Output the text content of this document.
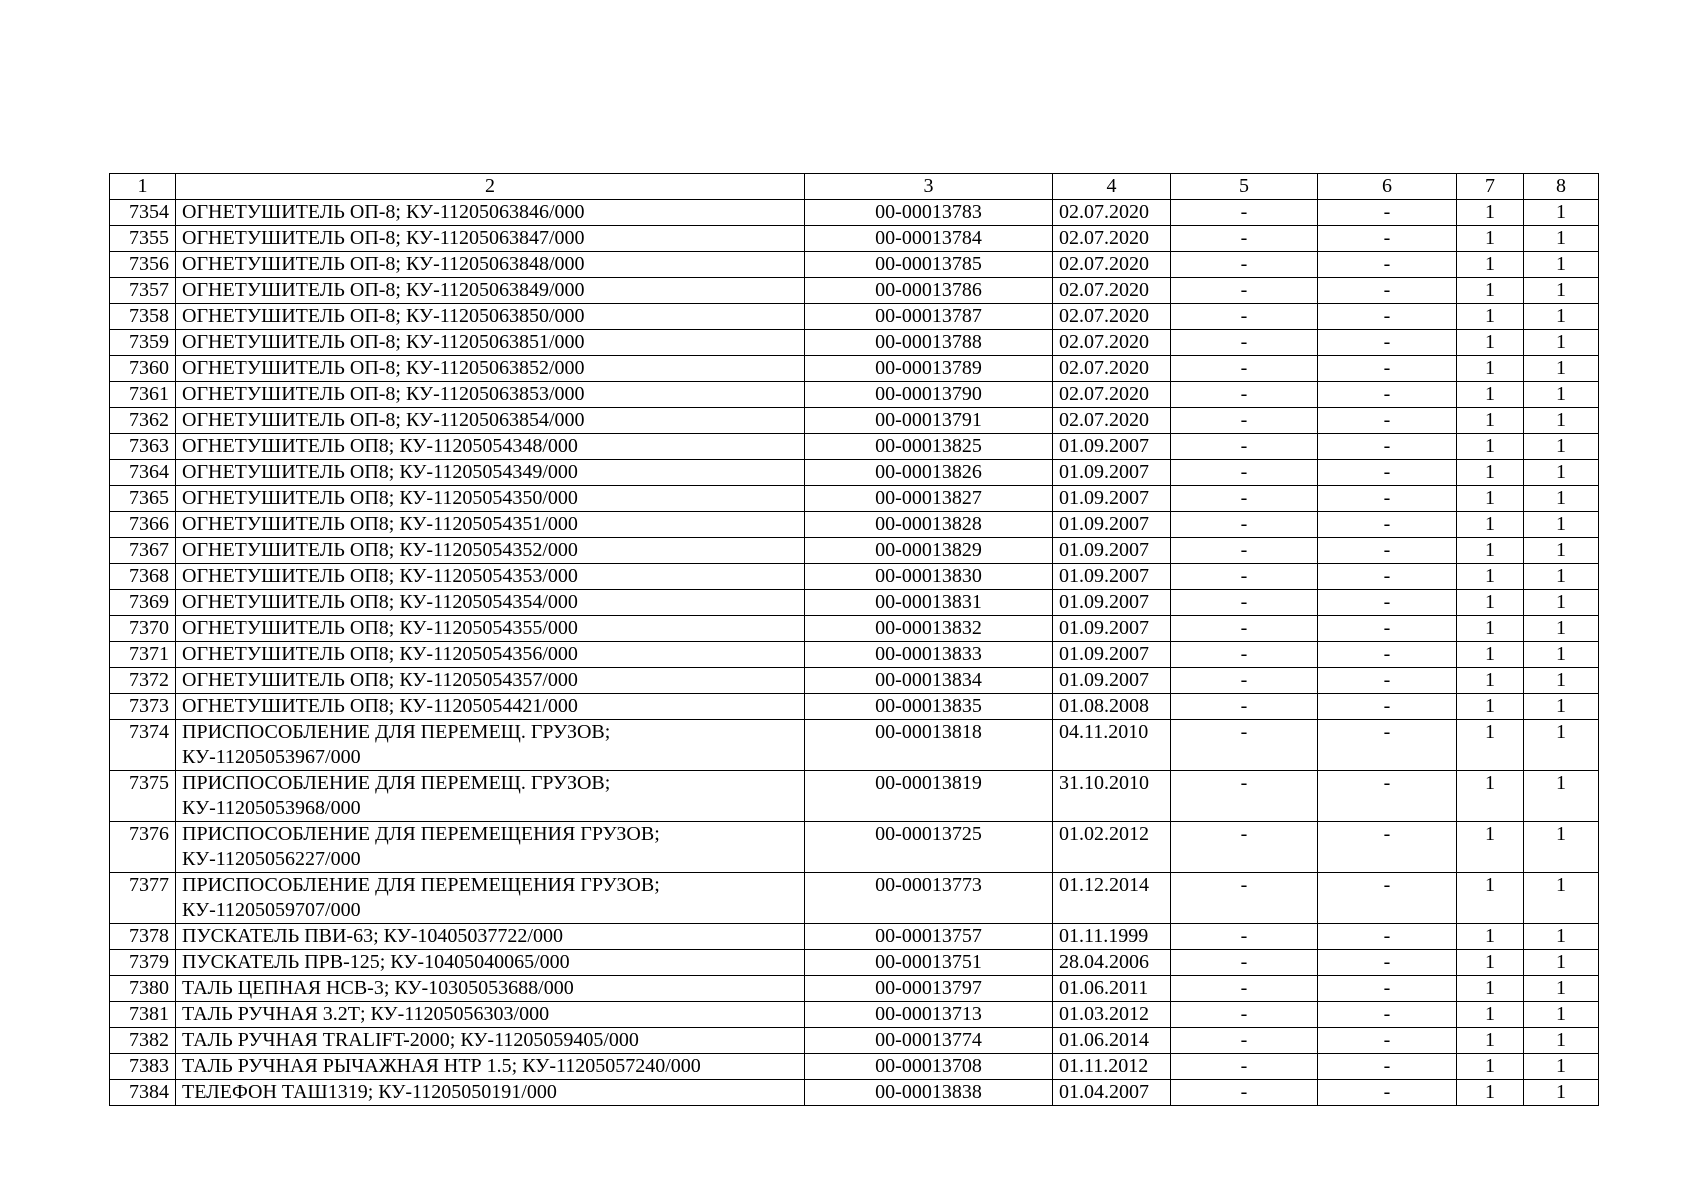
1	2	3	4	5	6	7	8
7354	ОГНЕТУШИТЕЛЬ ОП-8; КУ-11205063846/000	00-00013783	02.07.2020	-	-	1	1
7355	ОГНЕТУШИТЕЛЬ ОП-8; КУ-11205063847/000	00-00013784	02.07.2020	-	-	1	1
7356	ОГНЕТУШИТЕЛЬ ОП-8; КУ-11205063848/000	00-00013785	02.07.2020	-	-	1	1
7357	ОГНЕТУШИТЕЛЬ ОП-8; КУ-11205063849/000	00-00013786	02.07.2020	-	-	1	1
7358	ОГНЕТУШИТЕЛЬ ОП-8; КУ-11205063850/000	00-00013787	02.07.2020	-	-	1	1
7359	ОГНЕТУШИТЕЛЬ ОП-8; КУ-11205063851/000	00-00013788	02.07.2020	-	-	1	1
7360	ОГНЕТУШИТЕЛЬ ОП-8; КУ-11205063852/000	00-00013789	02.07.2020	-	-	1	1
7361	ОГНЕТУШИТЕЛЬ ОП-8; КУ-11205063853/000	00-00013790	02.07.2020	-	-	1	1
7362	ОГНЕТУШИТЕЛЬ ОП-8; КУ-11205063854/000	00-00013791	02.07.2020	-	-	1	1
7363	ОГНЕТУШИТЕЛЬ ОП8; КУ-11205054348/000	00-00013825	01.09.2007	-	-	1	1
7364	ОГНЕТУШИТЕЛЬ ОП8; КУ-11205054349/000	00-00013826	01.09.2007	-	-	1	1
7365	ОГНЕТУШИТЕЛЬ ОП8; КУ-11205054350/000	00-00013827	01.09.2007	-	-	1	1
7366	ОГНЕТУШИТЕЛЬ ОП8; КУ-11205054351/000	00-00013828	01.09.2007	-	-	1	1
7367	ОГНЕТУШИТЕЛЬ ОП8; КУ-11205054352/000	00-00013829	01.09.2007	-	-	1	1
7368	ОГНЕТУШИТЕЛЬ ОП8; КУ-11205054353/000	00-00013830	01.09.2007	-	-	1	1
7369	ОГНЕТУШИТЕЛЬ ОП8; КУ-11205054354/000	00-00013831	01.09.2007	-	-	1	1
7370	ОГНЕТУШИТЕЛЬ ОП8; КУ-11205054355/000	00-00013832	01.09.2007	-	-	1	1
7371	ОГНЕТУШИТЕЛЬ ОП8; КУ-11205054356/000	00-00013833	01.09.2007	-	-	1	1
7372	ОГНЕТУШИТЕЛЬ ОП8; КУ-11205054357/000	00-00013834	01.09.2007	-	-	1	1
7373	ОГНЕТУШИТЕЛЬ ОП8; КУ-11205054421/000	00-00013835	01.08.2008	-	-	1	1
7374	ПРИСПОСОБЛЕНИЕ ДЛЯ ПЕРЕМЕЩ. ГРУЗОВ;
КУ-11205053967/000	00-00013818	04.11.2010	-	-	1	1
7375	ПРИСПОСОБЛЕНИЕ ДЛЯ ПЕРЕМЕЩ. ГРУЗОВ;
КУ-11205053968/000	00-00013819	31.10.2010	-	-	1	1
7376	ПРИСПОСОБЛЕНИЕ ДЛЯ ПЕРЕМЕЩЕНИЯ ГРУЗОВ;
КУ-11205056227/000	00-00013725	01.02.2012	-	-	1	1
7377	ПРИСПОСОБЛЕНИЕ ДЛЯ ПЕРЕМЕЩЕНИЯ ГРУЗОВ;
КУ-11205059707/000	00-00013773	01.12.2014	-	-	1	1
7378	ПУСКАТЕЛЬ ПВИ-63; КУ-10405037722/000	00-00013757	01.11.1999	-	-	1	1
7379	ПУСКАТЕЛЬ ПРВ-125; КУ-10405040065/000	00-00013751	28.04.2006	-	-	1	1
7380	ТАЛЬ ЦЕПНАЯ НСВ-3; КУ-10305053688/000	00-00013797	01.06.2011	-	-	1	1
7381	ТАЛЬ РУЧНАЯ 3.2Т; КУ-11205056303/000	00-00013713	01.03.2012	-	-	1	1
7382	ТАЛЬ РУЧНАЯ TRALIFT-2000; КУ-11205059405/000	00-00013774	01.06.2014	-	-	1	1
7383	ТАЛЬ РУЧНАЯ РЫЧАЖНАЯ НТР 1.5; КУ-11205057240/000	00-00013708	01.11.2012	-	-	1	1
7384	ТЕЛЕФОН ТАШ1319; КУ-11205050191/000	00-00013838	01.04.2007	-	-	1	1
